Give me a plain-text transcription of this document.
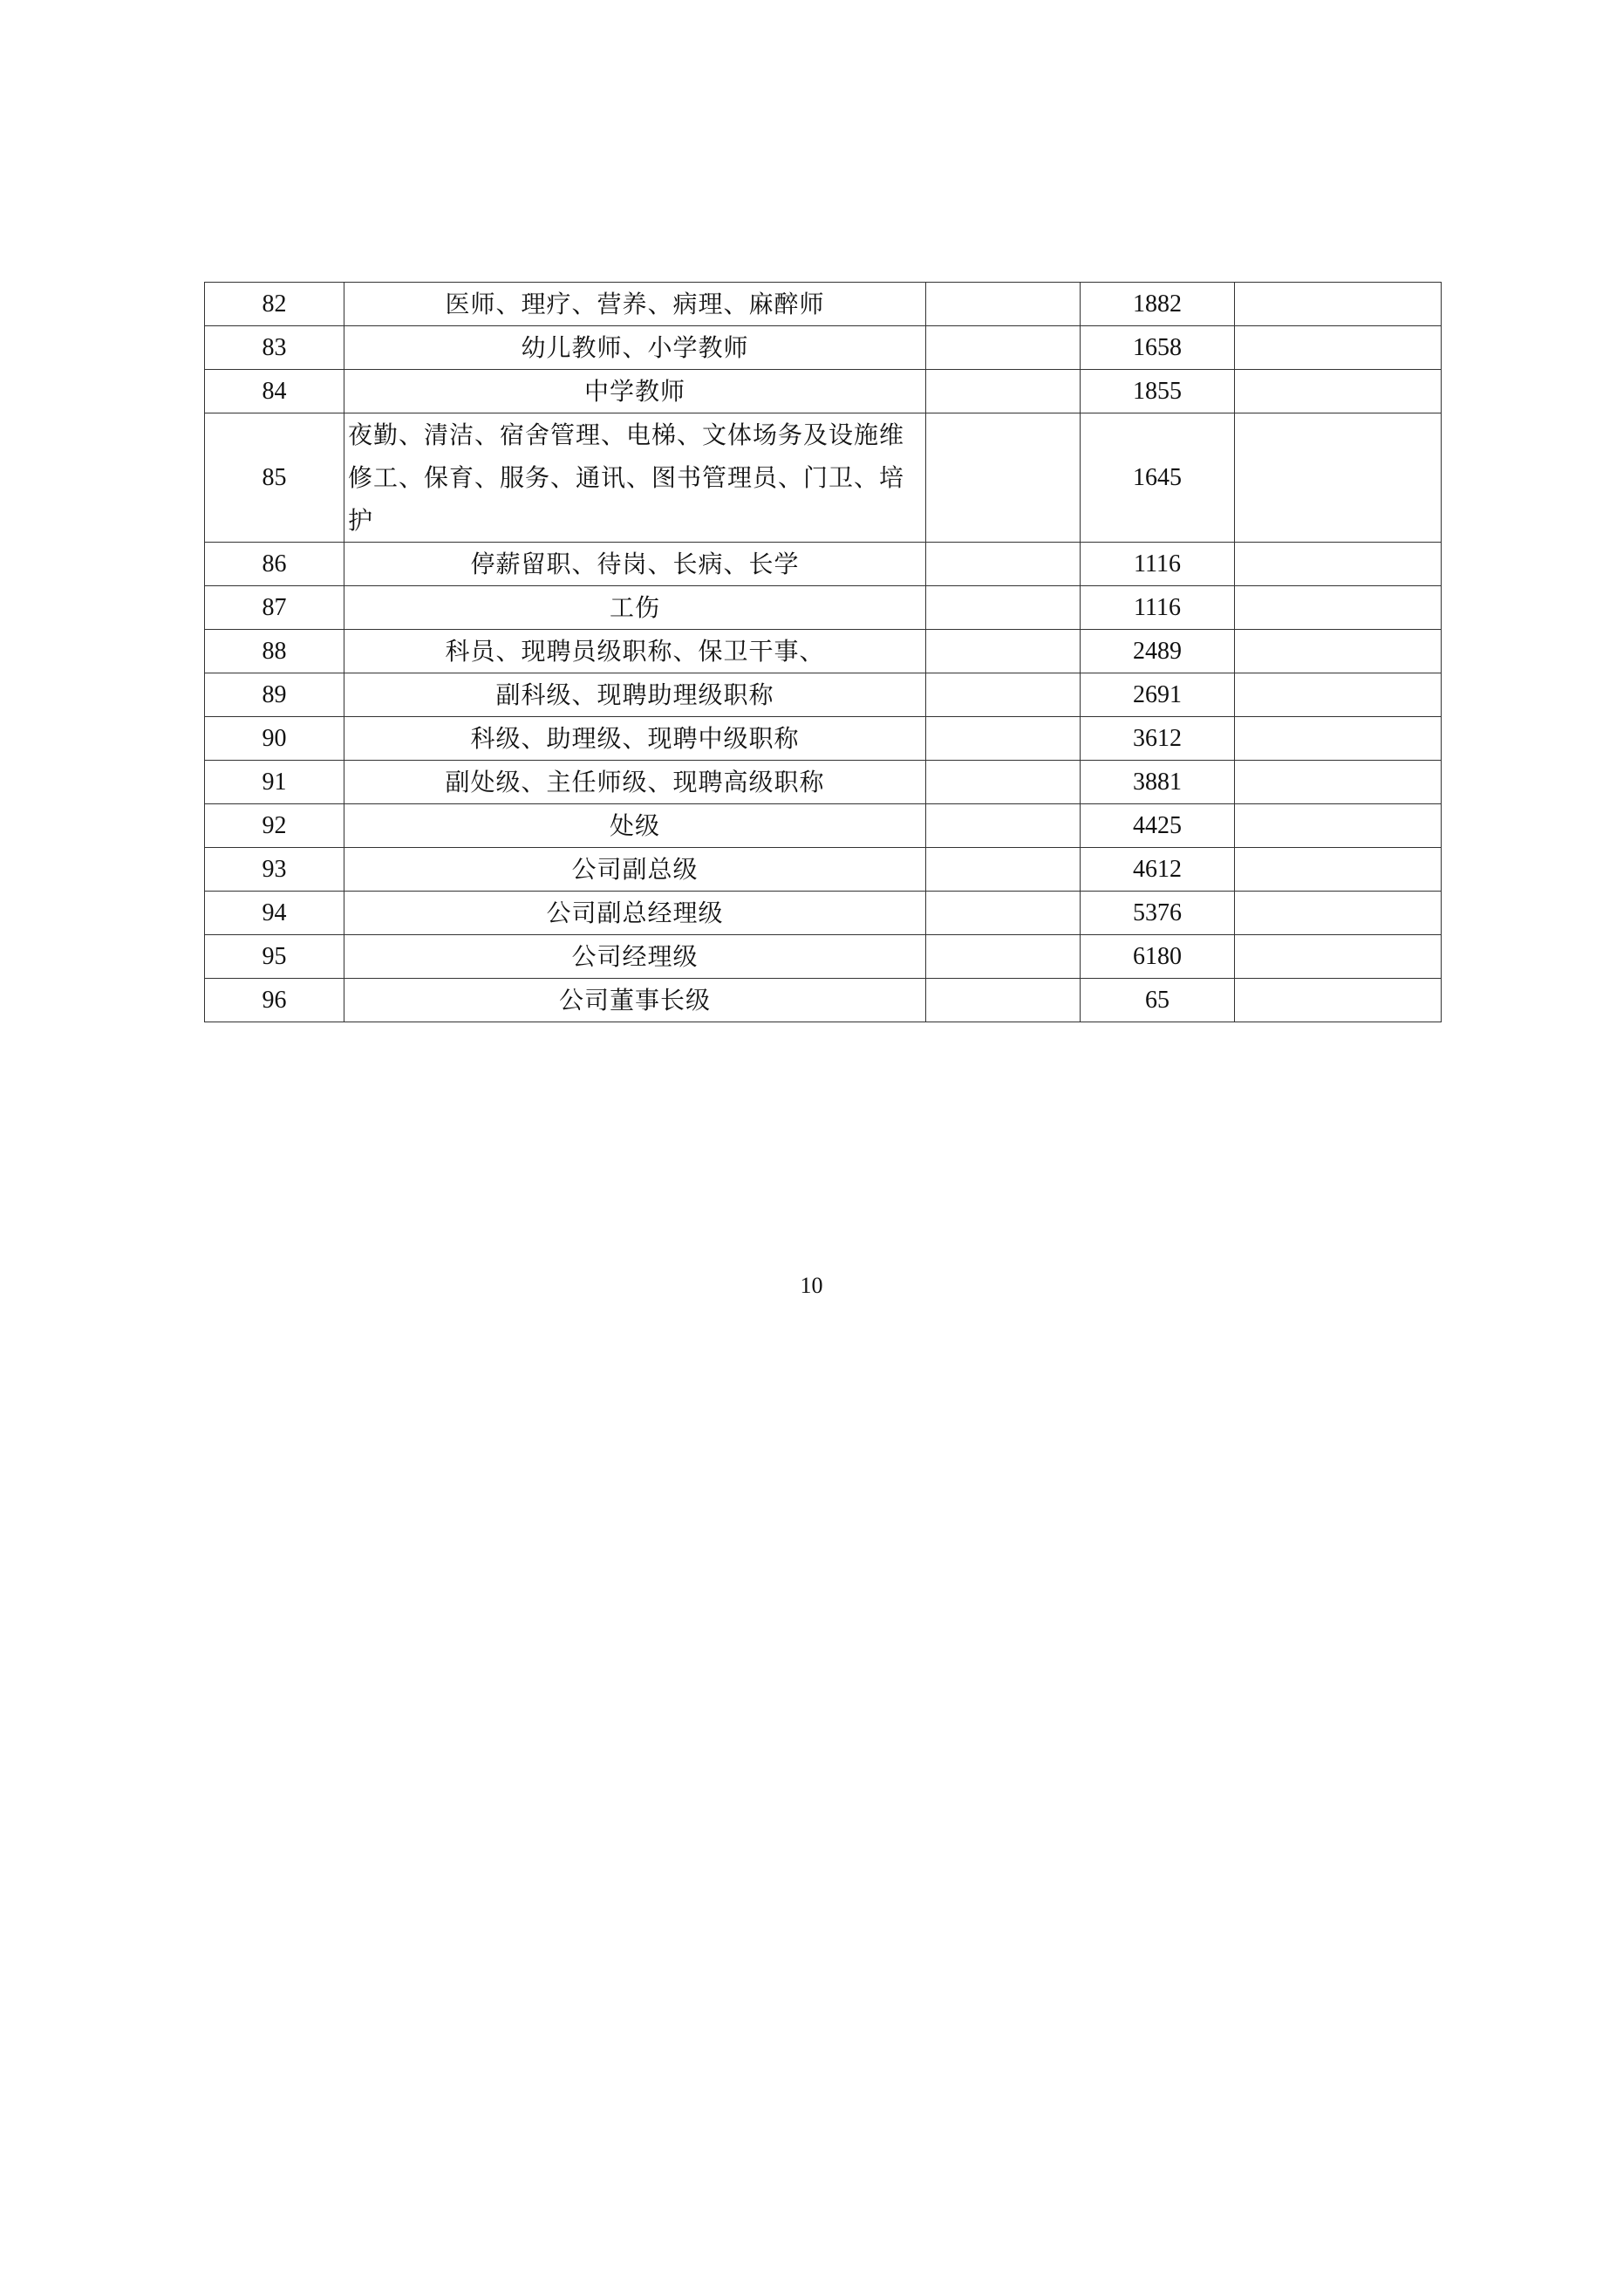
82	医师、理疗、营养、病理、麻醉师		1882	
83	幼儿教师、小学教师		1658	
84	中学教师		1855	
85	夜勤、清洁、宿舍管理、电梯、文体场务及设施维修工、保育、服务、通讯、图书管理员、门卫、培护		1645	
86	停薪留职、待岗、长病、长学		1116	
87	工伤		1116	
88	科员、现聘员级职称、保卫干事、		2489	
89	副科级、现聘助理级职称		2691	
90	科级、助理级、现聘中级职称		3612	
91	副处级、主任师级、现聘高级职称		3881	
92	处级		4425	
93	公司副总级		4612	
94	公司副总经理级		5376	
95	公司经理级		6180	
96	公司董事长级		65	
10
